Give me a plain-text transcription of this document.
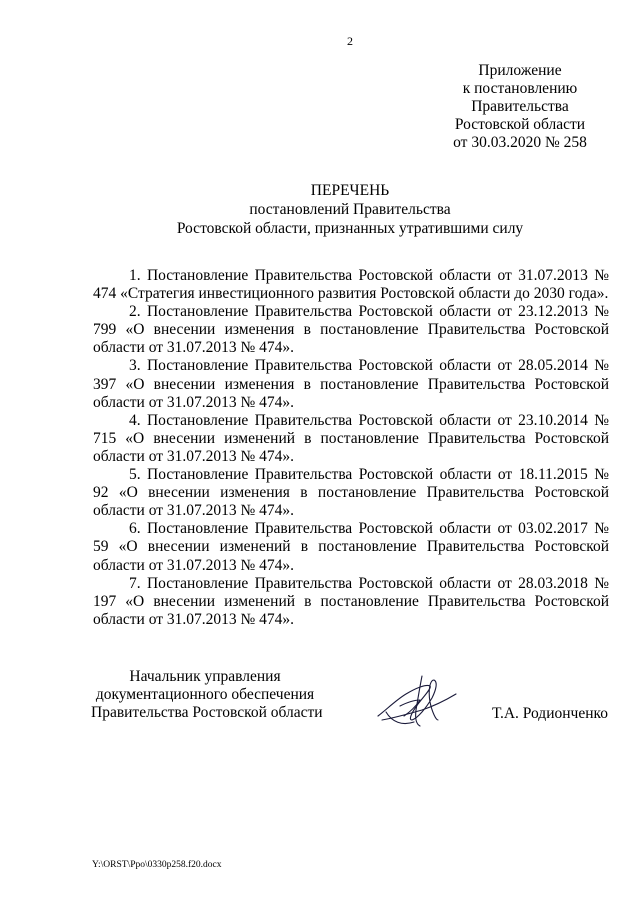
2
Приложение
к постановлению
Правительства
Ростовской области
от 30.03.2020 № 258
ПЕРЕЧЕНЬ
постановлений Правительства
Ростовской области, признанных утратившими силу

1. Постановление Правительства Ростовской области от 31.07.2013 № 474 «Стратегия инвестиционного развития Ростовской области до 2030 года».

2. Постановление Правительства Ростовской области от 23.12.2013 № 799 «О внесении изменения в постановление Правительства Ростовской области от 31.07.2013 № 474».

3. Постановление Правительства Ростовской области от 28.05.2014 № 397 «О внесении изменения в постановление Правительства Ростовской области от 31.07.2013 № 474».

4. Постановление Правительства Ростовской области от 23.10.2014 № 715 «О внесении изменений в постановление Правительства Ростовской области от 31.07.2013 № 474».

5. Постановление Правительства Ростовской области от 18.11.2015 № 92 «О внесении изменения в постановление Правительства Ростовской области от 31.07.2013 № 474».

6. Постановление Правительства Ростовской области от 03.02.2017 № 59 «О внесении изменений в постановление Правительства Ростовской области от 31.07.2013 № 474».

7. Постановление Правительства Ростовской области от 28.03.2018 № 197 «О внесении изменений в постановление Правительства Ростовской области от 31.07.2013 № 474».

Начальник управления
документационного обеспечения
Правительства Ростовской области	Т.А. Родионченко
Y:\ORST\Ppo\0330p258.f20.docx
